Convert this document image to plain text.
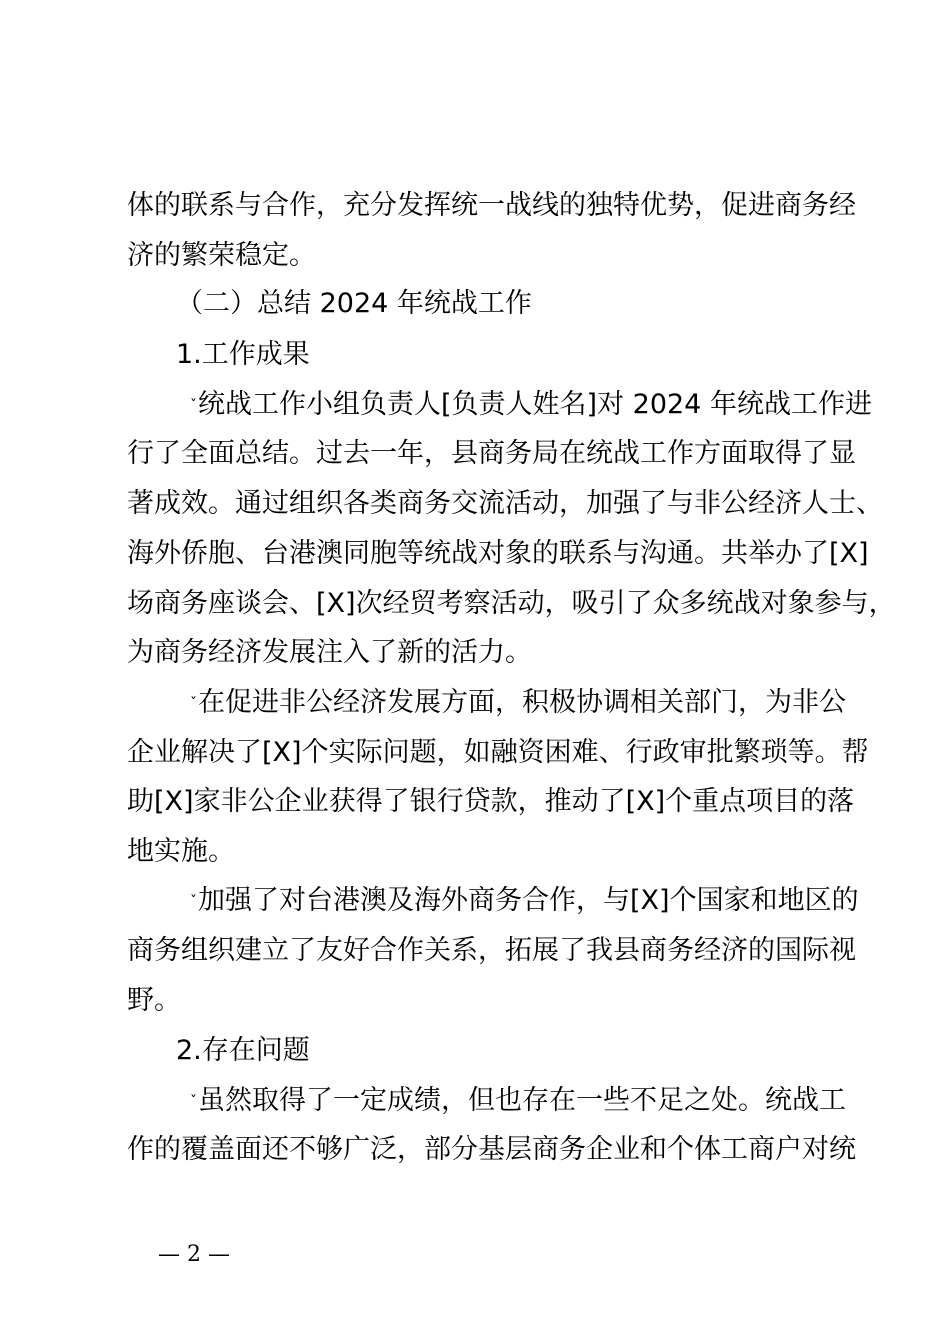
体的联系与合作，充分发挥统一战线的独特优势，促进商务经

济的繁荣稳定。

（二）总结 2024 年统战工作

1.工作成果

ˇ统战工作小组负责人[负责人姓名]对 2024 年统战工作进

行了全面总结。过去一年，县商务局在统战工作方面取得了显

著成效。通过组织各类商务交流活动，加强了与非公经济人士、

海外侨胞、台港澳同胞等统战对象的联系与沟通。共举办了[X]

场商务座谈会、[X]次经贸考察活动，吸引了众多统战对象参与，

为商务经济发展注入了新的活力。

ˇ在促进非公经济发展方面，积极协调相关部门，为非公

企业解决了[X]个实际问题，如融资困难、行政审批繁琐等。帮

助[X]家非公企业获得了银行贷款，推动了[X]个重点项目的落

地实施。

ˇ加强了对台港澳及海外商务合作，与[X]个国家和地区的

商务组织建立了友好合作关系，拓展了我县商务经济的国际视

野。

2.存在问题

ˇ虽然取得了一定成绩，但也存在一些不足之处。统战工

作的覆盖面还不够广泛，部分基层商务企业和个体工商户对统

— 2 —
